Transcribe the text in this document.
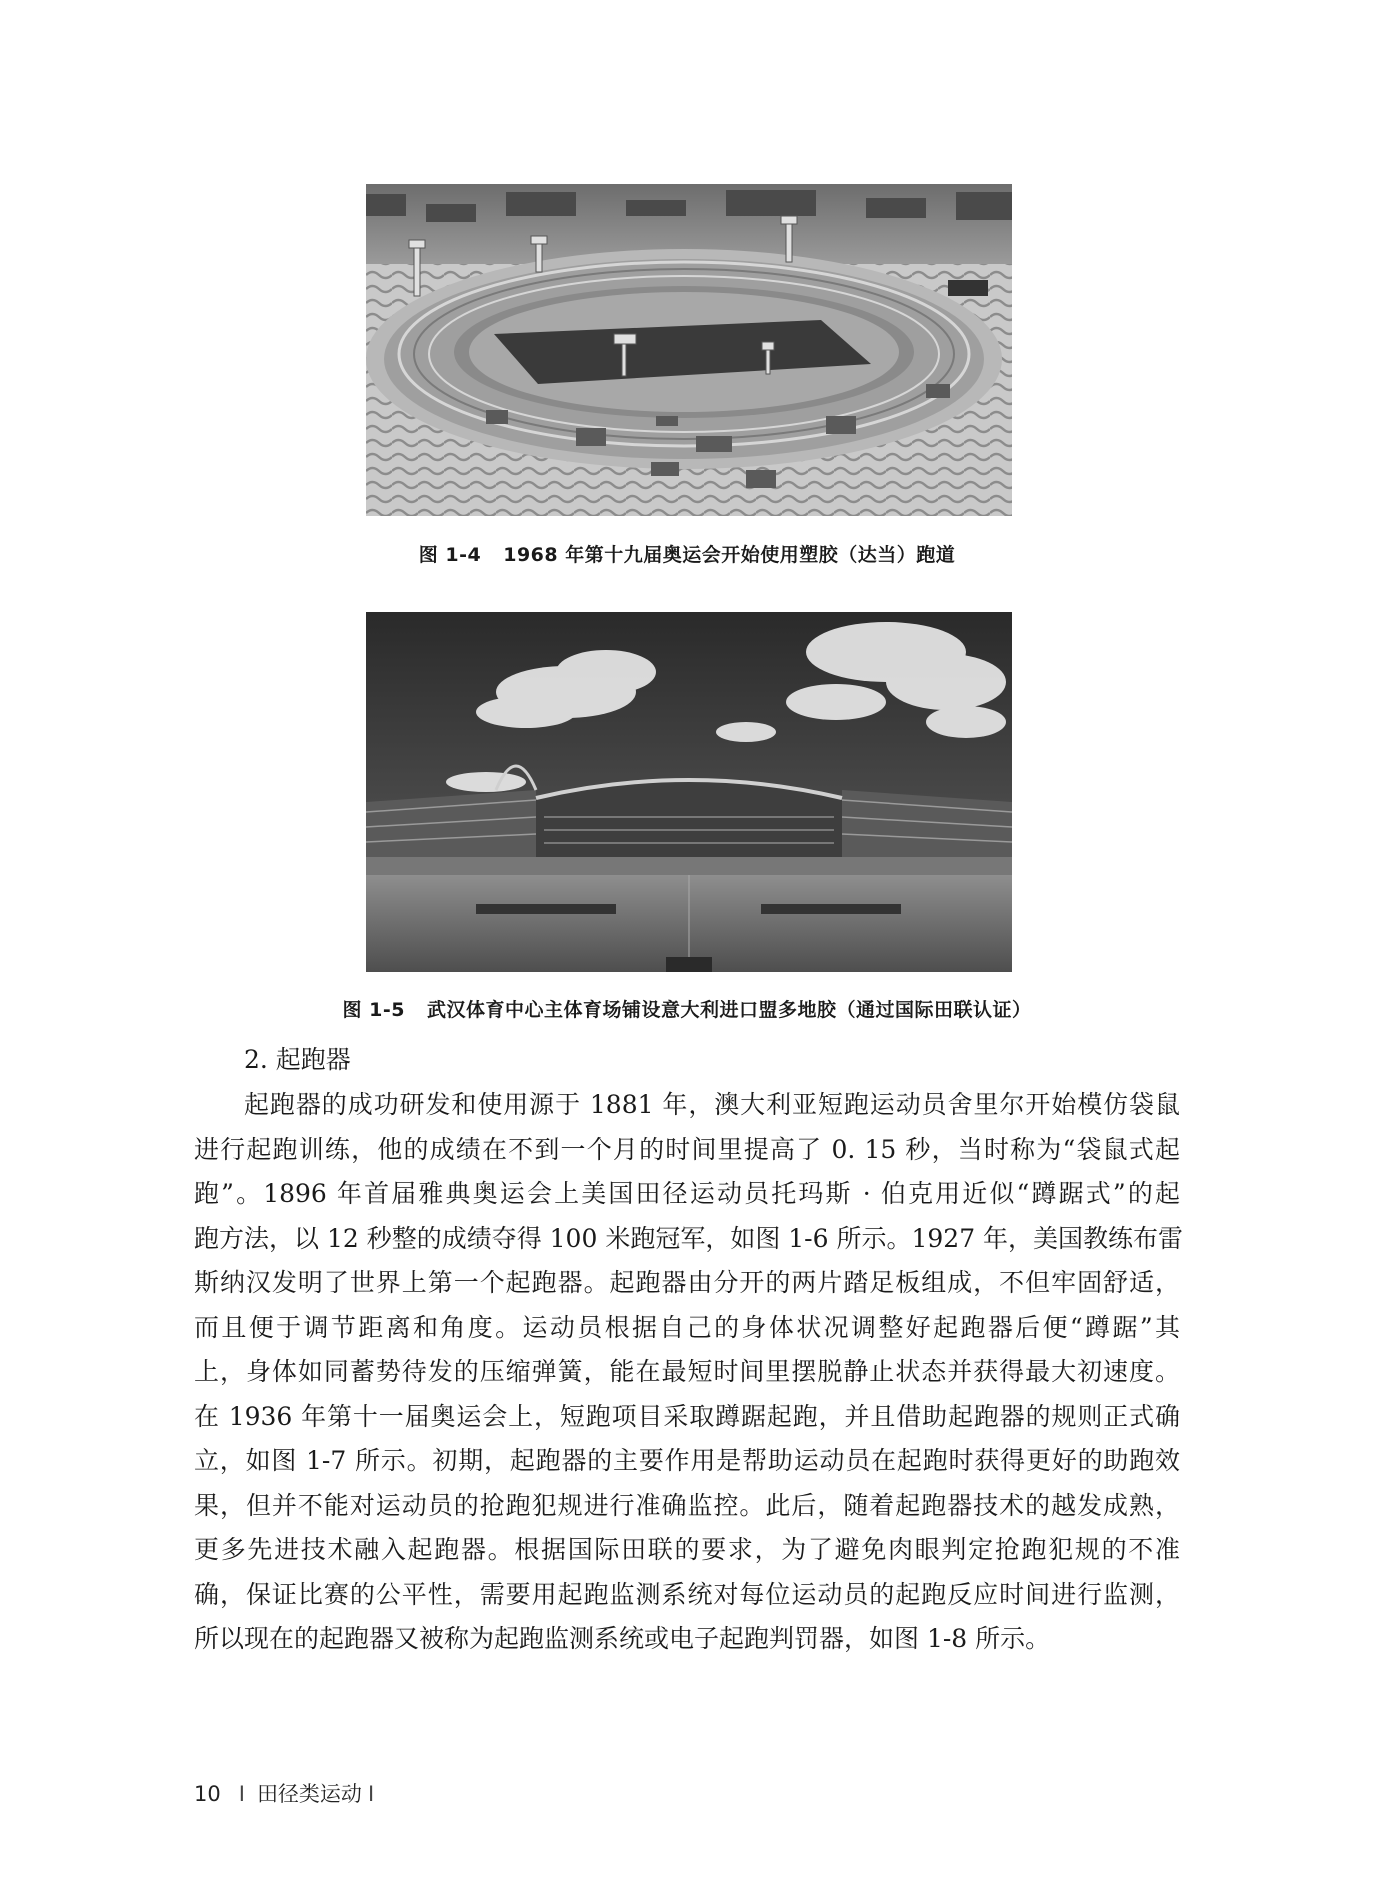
图 1-4 1968 年第十九届奥运会开始使用塑胶（达当）跑道
图 1-5 武汉体育中心主体育场铺设意大利进口盟多地胶（通过国际田联认证）
2. 起跑器
起跑器的成功研发和使用源于 1881 年，澳大利亚短跑运动员舍里尔开始模仿袋鼠
进行起跑训练，他的成绩在不到一个月的时间里提高了 0. 15 秒，当时称为“袋鼠式起
跑”。1896 年首届雅典奥运会上美国田径运动员托玛斯 · 伯克用近似“蹲踞式”的起
跑方法，以 12 秒整的成绩夺得 100 米跑冠军，如图 1-6 所示。1927 年，美国教练布雷
斯纳汉发明了世界上第一个起跑器。起跑器由分开的两片踏足板组成，不但牢固舒适，
而且便于调节距离和角度。运动员根据自己的身体状况调整好起跑器后便“蹲踞”其
上，身体如同蓄势待发的压缩弹簧，能在最短时间里摆脱静止状态并获得最大初速度。
在 1936 年第十一届奥运会上，短跑项目采取蹲踞起跑，并且借助起跑器的规则正式确
立，如图 1-7 所示。初期，起跑器的主要作用是帮助运动员在起跑时获得更好的助跑效
果，但并不能对运动员的抢跑犯规进行准确监控。此后，随着起跑器技术的越发成熟，
更多先进技术融入起跑器。根据国际田联的要求，为了避免肉眼判定抢跑犯规的不准
确，保证比赛的公平性，需要用起跑监测系统对每位运动员的起跑反应时间进行监测，
所以现在的起跑器又被称为起跑监测系统或电子起跑判罚器，如图 1-8 所示。
10 I 田径类运动 I
